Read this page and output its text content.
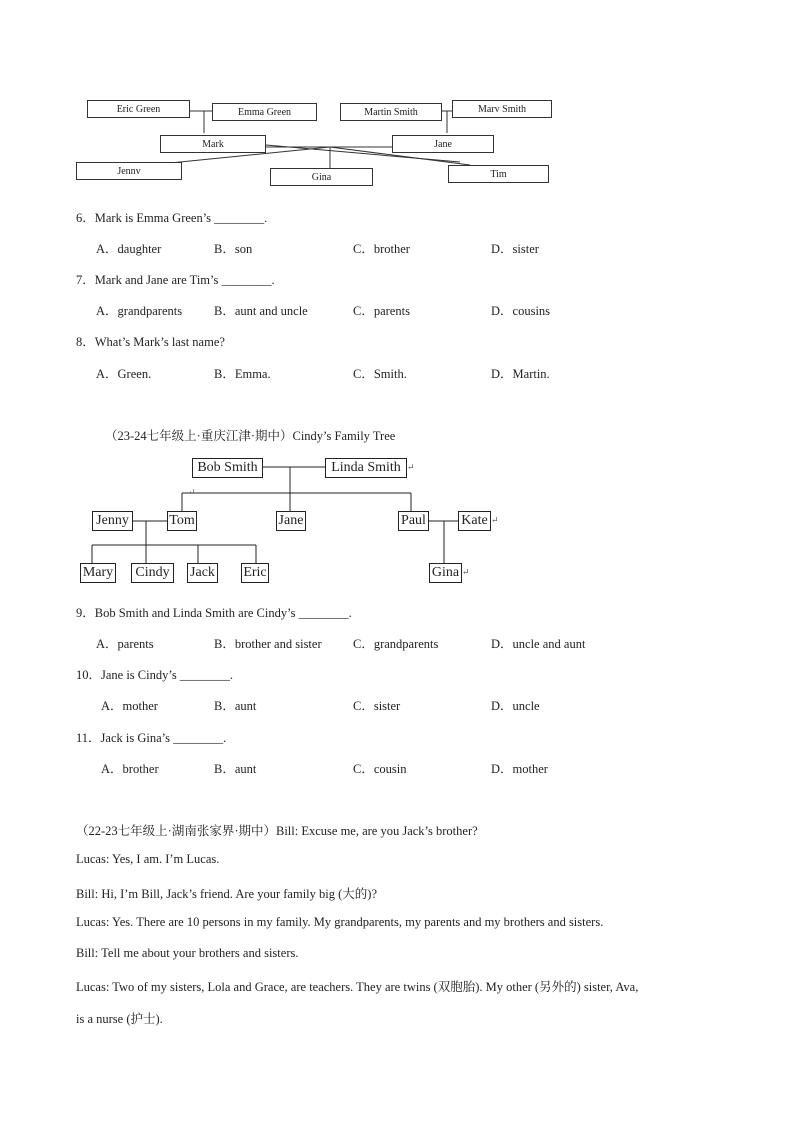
Eric Green	Emma Green	Martin Smith	Marv Smith
Mark	Jane
Jennv
Gina	Tim
6．Mark is Emma Green’s ________.
A．daughter	B．son	C．brother	D．sister
7．Mark and Jane are Tim’s ________.
A．grandparents	B．aunt and uncle	C．parents	D．cousins
8．What’s Mark’s last name?
A．Green.	B．Emma.	C．Smith.	D．Martin.
（23-24七年级上·重庆江津·期中）Cindy’s Family Tree
Bob Smith	Linda Smith ↵
↵
Jenny	Tom	Jane	Paul	Kate ↵
Mary	Cindy	Jack Eric	Gina ↵
9．Bob Smith and Linda Smith are Cindy’s ________.
A．parents	B．brother and sister	C．grandparents	D．uncle and aunt
10．Jane is Cindy’s ________.
A．mother	B．aunt	C．sister	D．uncle
11．Jack is Gina’s ________.
A．brother	B．aunt	C．cousin	D．mother
（22-23七年级上·湖南张家界·期中）Bill: Excuse me, are you Jack’s brother?
Lucas: Yes, I am. I’m Lucas.
Bill: Hi, I’m Bill, Jack’s friend. Are your family big (大的)?
Lucas: Yes. There are 10 persons in my family. My grandparents, my parents and my brothers and sisters.
Bill: Tell me about your brothers and sisters.
Lucas: Two of my sisters, Lola and Grace, are teachers. They are twins (双胞胎). My other (另外的) sister, Ava,
is a nurse (护士).
